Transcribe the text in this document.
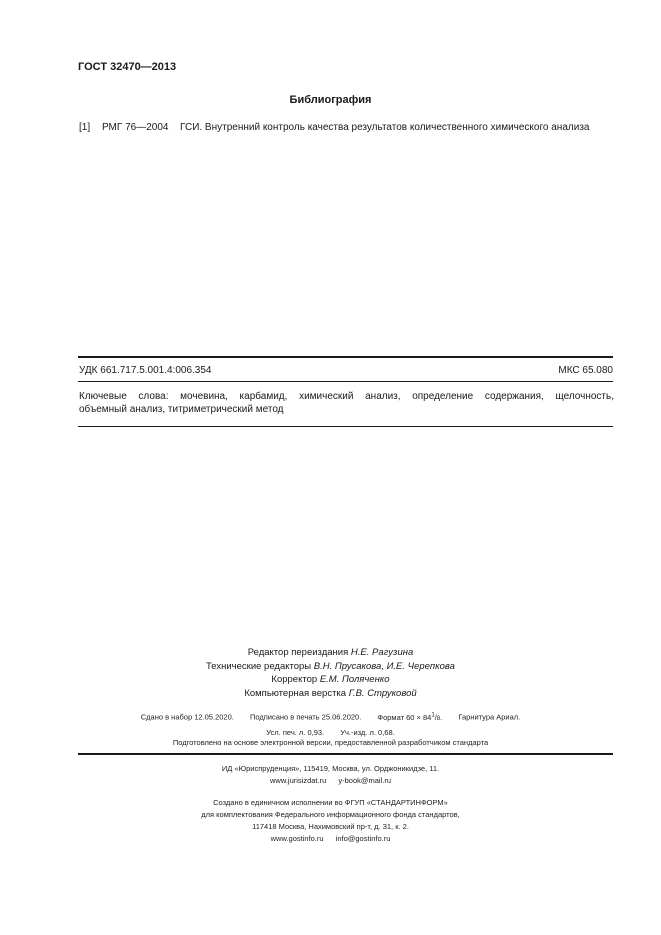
ГОСТ 32470—2013
Библиография
[1] РМГ 76—2004 ГСИ. Внутренний контроль качества результатов количественного химического анализа
УДК 661.717.5.001.4:006.354	МКС 65.080
Ключевые слова: мочевина, карбамид, химический анализ, определение содержания, щелочность,
объемный анализ, титриметрический метод
Редактор переиздания Н.Е. Рагузина
Технические редакторы В.Н. Прусакова, И.Е. Черепкова
Корректор Е.М. Поляченко
Компьютерная верстка Г.В. Струковой
Сдано в набор 12.05.2020. Подписано в печать 25.06.2020. Формат $60 \times 84^1/8$. Гарнитура Ариал.
Усл. печ. л. 0,93. Уч.-изд. л. 0,68.
Подготовлено на основе электронной версии, предоставленной разработчиком стандарта
ИД «Юриспруденция», 115419, Москва, ул. Орджоникидзе, 11.
www.jurisizdat.ru y-book@mail.ru
Создано в единичном исполнении во ФГУП «СТАНДАРТИНФОРМ»
для комплектования Федерального информационного фонда стандартов,
117418 Москва, Нахимовский пр-т, д. 31, к. 2.
www.gostinfo.ru info@gostinfo.ru
